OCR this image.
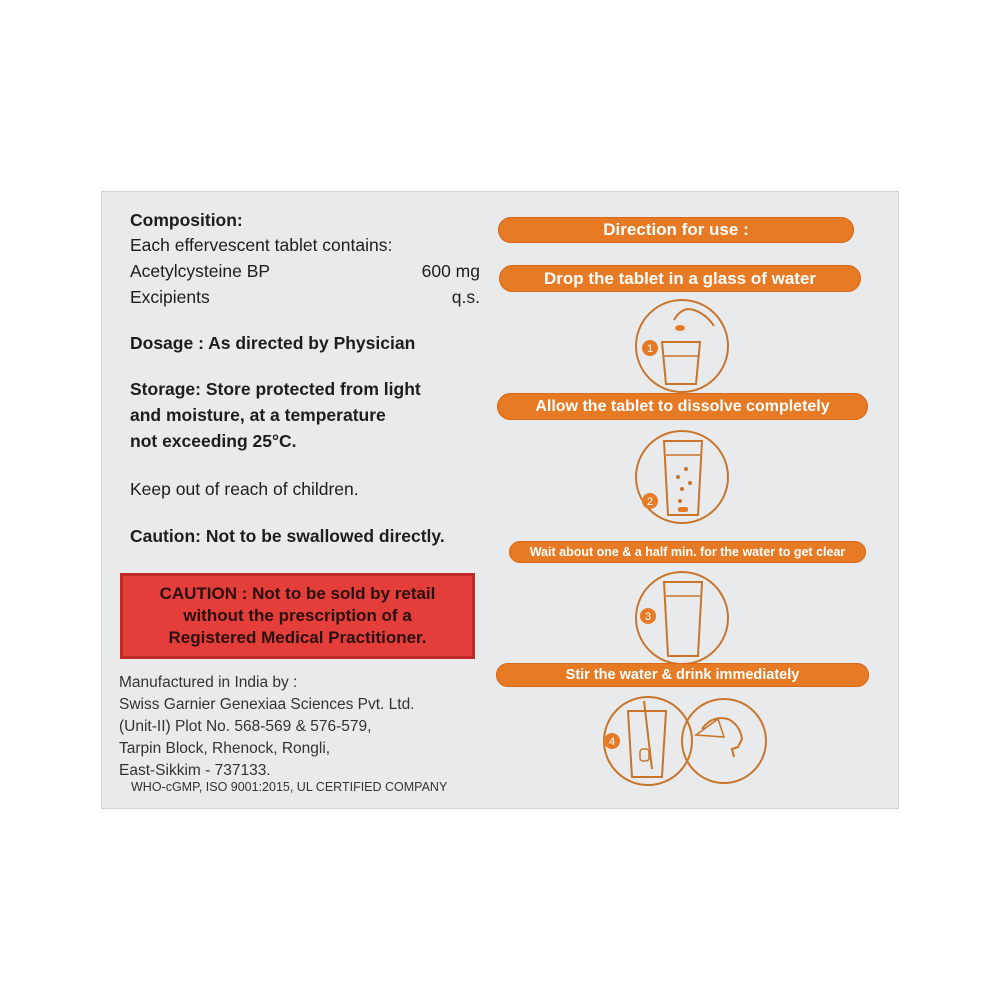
Composition:
Each effervescent tablet contains:
Acetylcysteine BP	600 mg
Excipients	q.s.
Dosage : As directed by Physician
Storage: Store protected from light
and moisture, at a temperature
not exceeding 25°C.
Keep out of reach of children.
Caution: Not to be swallowed directly.
CAUTION : Not to be sold by retail
without the prescription of a
Registered Medical Practitioner.
Manufactured in India by :
Swiss Garnier Genexiaa Sciences Pvt. Ltd.
(Unit-II) Plot No. 568-569 & 576-579,
Tarpin Block, Rhenock, Rongli,
East-Sikkim - 737133.
WHO-cGMP, ISO 9001:2015, UL CERTIFIED COMPANY
Direction for use :
Drop the tablet in a glass of water
1
Allow the tablet to dissolve completely
2
Wait about one & a half min. for the water to get clear
3
Stir the water & drink immediately
4
